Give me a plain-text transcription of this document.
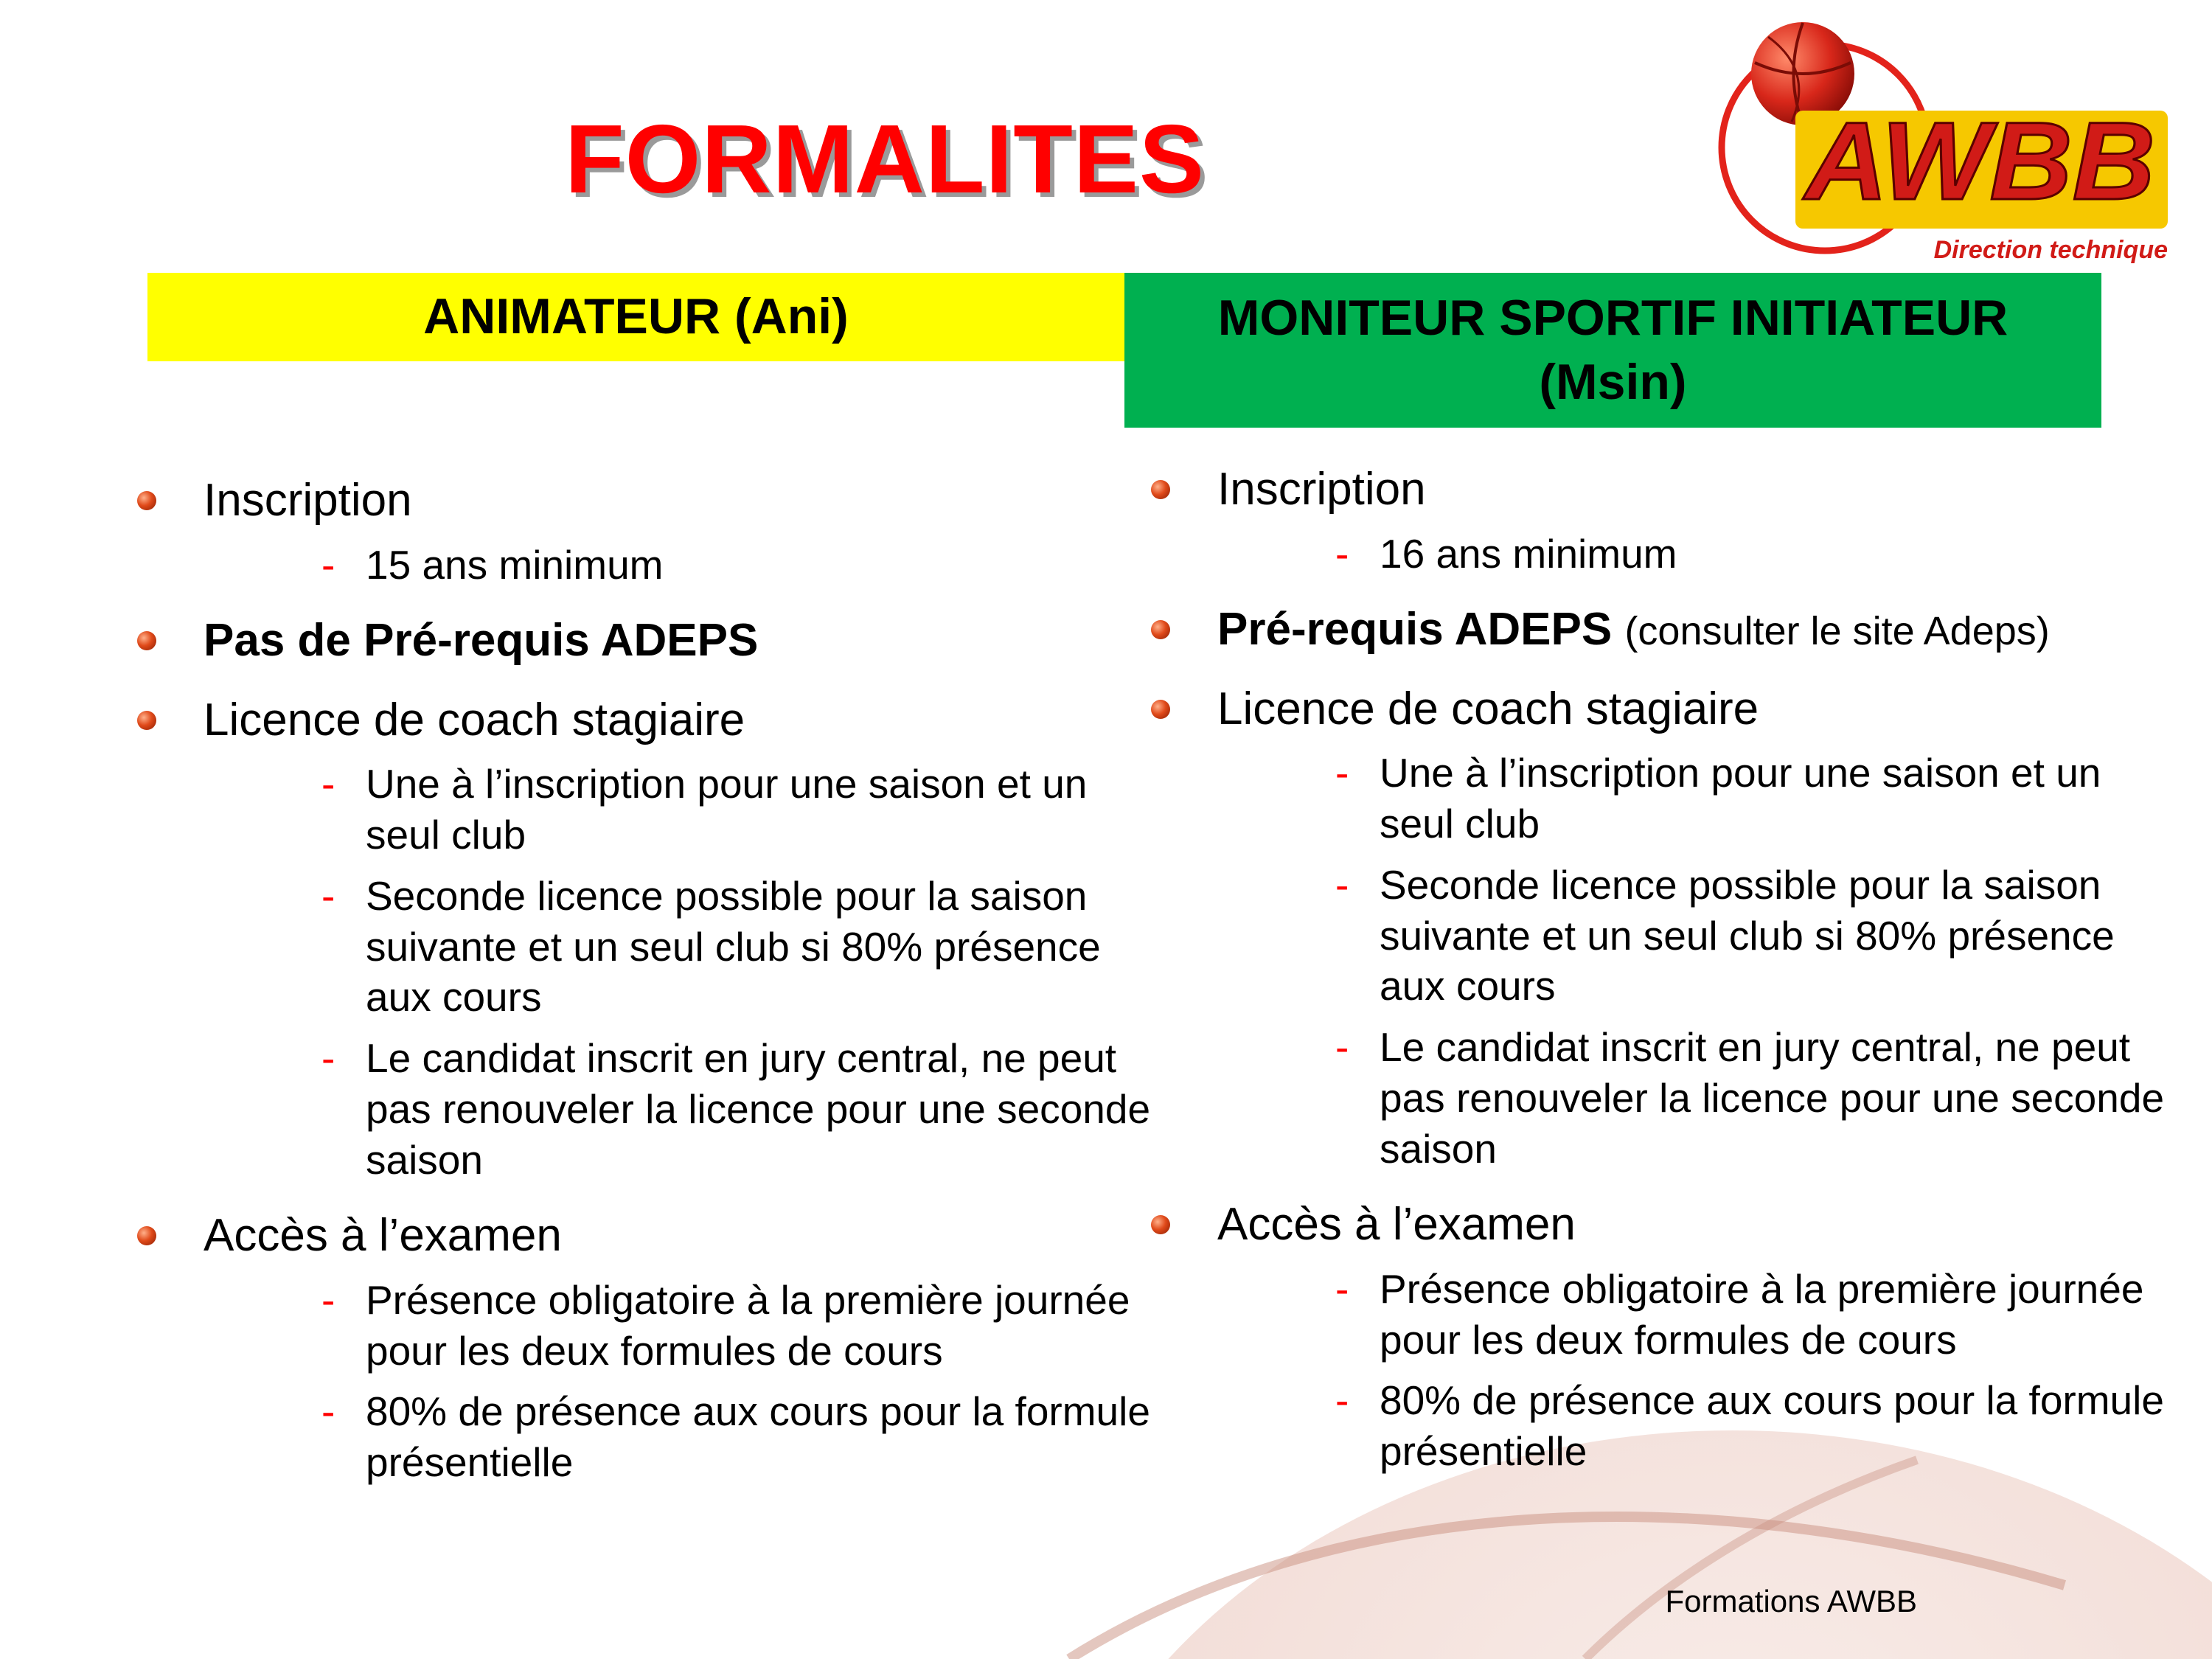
FORMALITES	AWBB
Direction technique
ANIMATEUR (Ani)	MONITEUR SPORTIF INITIATEUR
(Msin)
Inscription
- 15 ans minimum
Pas de Pré-requis ADEPS
Licence de coach stagiaire
- Une à l’inscription pour une saison et un seul club
- Seconde licence possible pour la saison suivante et un seul club si 80% présence aux cours
- Le candidat inscrit en jury central, ne peut pas renouveler la licence pour une seconde saison
Accès à l’examen
- Présence obligatoire à la première journée pour les deux formules de cours
- 80% de présence aux cours pour la formule présentielle
Inscription
- 16 ans minimum
Pré-requis ADEPS (consulter le site Adeps)
Licence de coach stagiaire
- Une à l’inscription pour une saison et un seul club
- Seconde licence possible pour la saison suivante et un seul club si 80% présence aux cours
- Le candidat inscrit en jury central, ne peut pas renouveler la licence pour une seconde saison
Accès à l’examen
- Présence obligatoire à la première journée pour les deux formules de cours
- 80% de présence aux cours pour la formule présentielle
Formations AWBB
